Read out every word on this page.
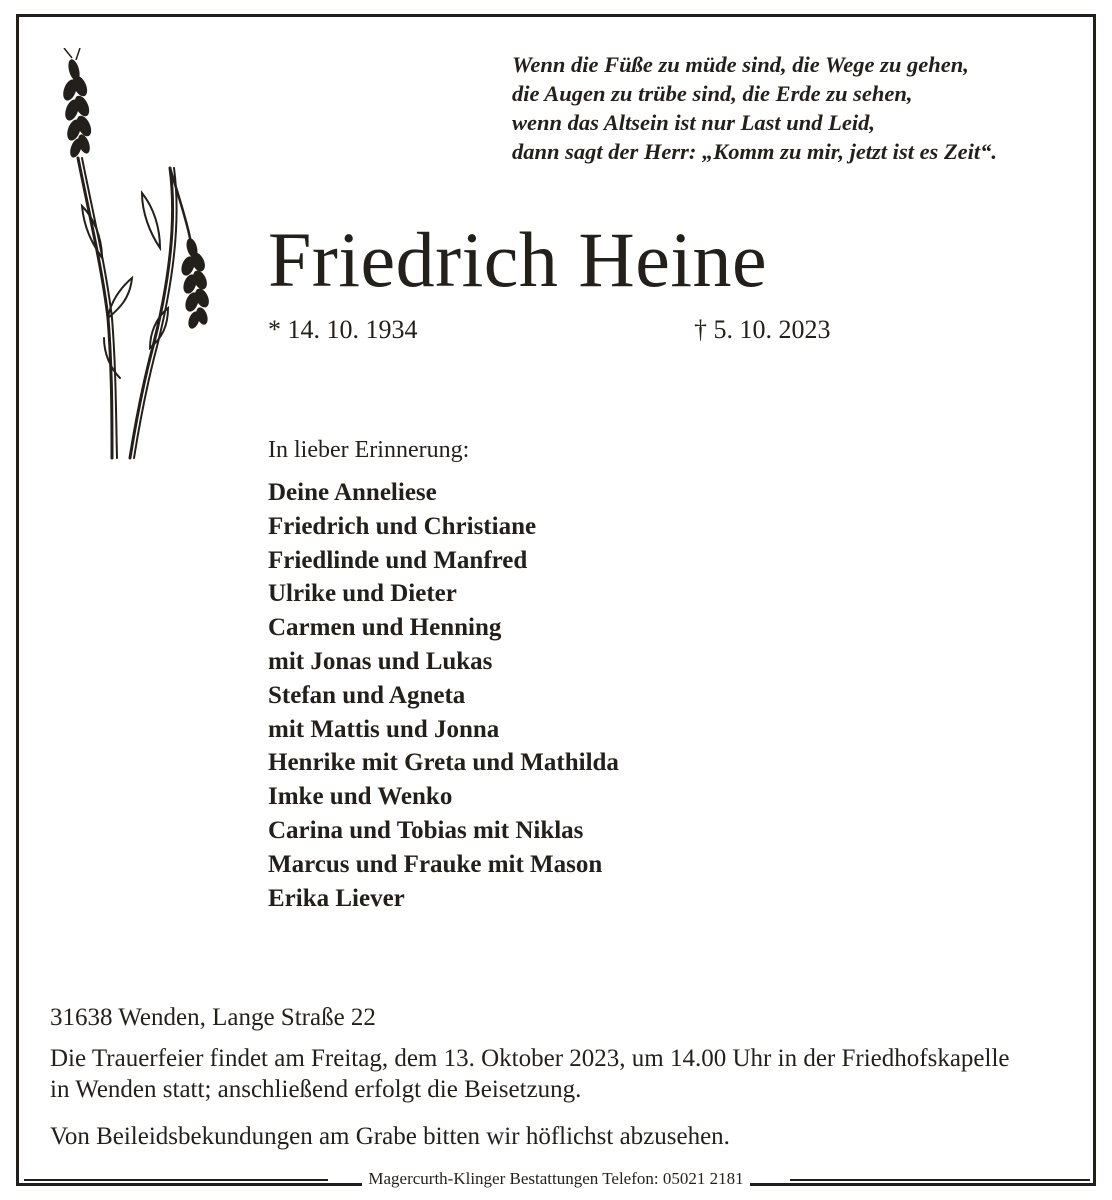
Wenn die Füße zu müde sind, die Wege zu gehen,
die Augen zu trübe sind, die Erde zu sehen,
wenn das Altsein ist nur Last und Leid,
dann sagt der Herr: „Komm zu mir, jetzt ist es Zeit“.
Friedrich Heine
* 14. 10. 1934	† 5. 10. 2023
In lieber Erinnerung:
Deine Anneliese
Friedrich und Christiane
Friedlinde und Manfred
Ulrike und Dieter
Carmen und Henning
mit Jonas und Lukas
Stefan und Agneta
mit Mattis und Jonna
Henrike mit Greta und Mathilda
Imke und Wenko
Carina und Tobias mit Niklas
Marcus und Frauke mit Mason
Erika Liever
31638 Wenden, Lange Straße 22
Die Trauerfeier findet am Freitag, dem 13. Oktober 2023, um 14.00 Uhr in der Friedhofskapelle
in Wenden statt; anschließend erfolgt die Beisetzung.
Von Beileidsbekundungen am Grabe bitten wir höflichst abzusehen.
Magercurth-Klinger Bestattungen Telefon: 05021 2181
